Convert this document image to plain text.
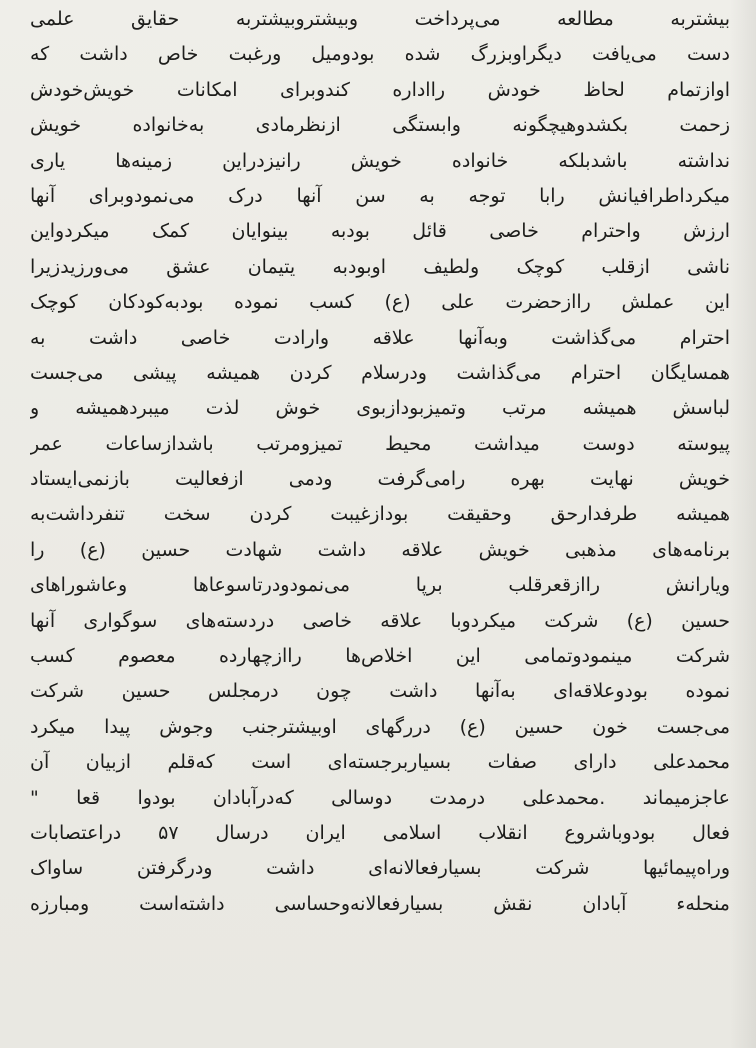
بیشتربه مطالعه می‌پرداخت وبیشتروبیشتربه حقایق علمی
دست می‌یافت دیگراوبزرگ شده بودومیل ورغبت خاص داشت که
اوازتمام لحاظ خودش رااداره کندوبرای امکانات خویش‌خودش
زحمت بکشدوهیچگونه وابستگی ازنظرمادی به‌خانواده خویش
نداشته باشدبلکه خانواده خویش رانیزدراین زمینه‌ها یاری
میکرداطرافیانش رابا توجه به سن آنها درک می‌نمودوبرای آنها
ارزش واحترام خاصی قائل بودبه بینوایان کمک میکردواین
ناشی ازقلب کوچک ولطیف اوبودبه یتیمان عشق می‌ورزیدزیرا
این عملش راازحضرت علی (ع) کسب نموده بودبه‌کودکان کوچک
احترام می‌گذاشت وبه‌آنها علاقه وارادت خاصی داشت به
همسایگان احترام می‌گذاشت ودرسلام کردن همیشه پیشی می‌جست
لباسش همیشه مرتب وتمیزبودازبوی خوش لذت میبردهمیشه و
پیوسته دوست میداشت محیط تمیزومرتب باشدازساعات عمر
خویش نهایت بهره رامی‌گرفت ودمی ازفعالیت بازنمی‌ایستاد
همیشه طرفدارحق وحقیقت بودازغیبت کردن سخت تنفرداشت‌به
برنامه‌های مذهبی خویش علاقه داشت شهادت حسین (ع) را
ویارانش راازقعرقلب برپا می‌نمودودرتاسوعاها وعاشوراهای
حسین (ع) شرکت میکردوبا علاقه خاصی دردسته‌های سوگواری آنها
شرکت مینمودوتمامی این اخلاص‌ها راازچهارده معصوم کسب
نموده بودوعلاقه‌ای به‌آنها داشت چون درمجلس حسین شرکت
می‌جست خون حسین (ع) دررگهای اوبیشترجنب وجوش پیدا میکرد
محمدعلی دارای صفات بسیاربرجسته‌ای است که‌قلم ازبیان آن
عاجزمیماند .محمدعلی درمدت دوسالی که‌درآبادان بودوا قعا "
فعال بودوباشروع انقلاب اسلامی ایران درسال ۵۷ دراعتصابات
وراه‌پیمائیها شرکت بسیارفعالانه‌ای داشت ودرگرفتن ساواک
منحله‌ء آبادان نقش بسیارفعالانه‌وحساسی داشته‌است ومبارزه
